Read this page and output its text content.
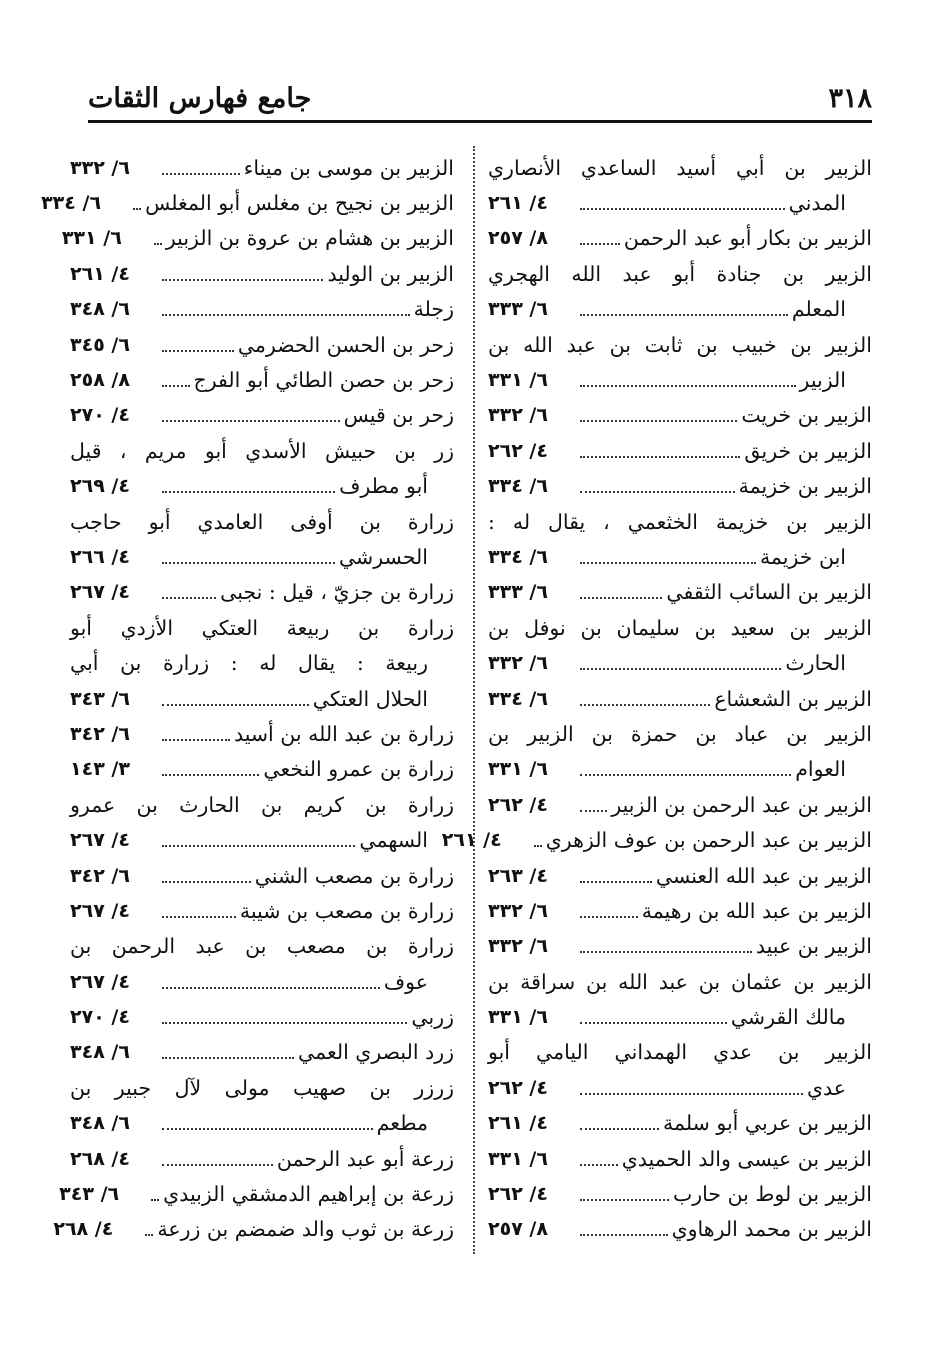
جامع فهارس الثقات	٣١٨
الزبير بن أبي أسيد الساعدي الأنصاري
المدني
٤/ ٢٦١
الزبير بن بكار أبو عبد الرحمن
٨/ ٢٥٧
الزبير بن جنادة أبو عبد الله الهجري
المعلم
٦/ ٣٣٣
الزبير بن خبيب بن ثابت بن عبد الله بن
الزبير
٦/ ٣٣١
الزبير بن خريت
٦/ ٣٣٢
الزبير بن خريق
٤/ ٢٦٢
الزبير بن خزيمة
٦/ ٣٣٤
الزبير بن خزيمة الخثعمي ، يقال له :
ابن خزيمة
٦/ ٣٣٤
الزبير بن السائب الثقفي
٦/ ٣٣٣
الزبير بن سعيد بن سليمان بن نوفل بن
الحارث
٦/ ٣٣٢
الزبير بن الشعشاع
٦/ ٣٣٤
الزبير بن عباد بن حمزة بن الزبير بن
العوام
٦/ ٣٣١
الزبير بن عبد الرحمن بن الزبير
٤/ ٢٦٢
الزبير بن عبد الرحمن بن عوف الزهري
٤/ ٢٦١
الزبير بن عبد الله العنسي
٤/ ٢٦٣
الزبير بن عبد الله بن رهيمة
٦/ ٣٣٢
الزبير بن عبيد
٦/ ٣٣٢
الزبير بن عثمان بن عبد الله بن سراقة بن
مالك القرشي
٦/ ٣٣١
الزبير بن عدي الهمداني اليامي أبو
عدي
٤/ ٢٦٢
الزبير بن عربي أبو سلمة
٤/ ٢٦١
الزبير بن عيسى والد الحميدي
٦/ ٣٣١
الزبير بن لوط بن حارب
٤/ ٢٦٢
الزبير بن محمد الرهاوي
٨/ ٢٥٧
الزبير بن موسى بن ميناء
٦/ ٣٣٢
الزبير بن نجيح بن مغلس أبو المغلس
٦/ ٣٣٤
الزبير بن هشام بن عروة بن الزبير
٦/ ٣٣١
الزبير بن الوليد
٤/ ٢٦١
زجلة
٦/ ٣٤٨
زحر بن الحسن الحضرمي
٦/ ٣٤٥
زحر بن حصن الطائي أبو الفرج
٨/ ٢٥٨
زحر بن قيس
٤/ ٢٧٠
زر بن حبيش الأسدي أبو مريم ، قيل
أبو مطرف
٤/ ٢٦٩
زرارة بن أوفى العامدي أبو حاجب
الحسرشي
٤/ ٢٦٦
زرارة بن جزيّ ، قيل : نجبى
٤/ ٢٦٧
زرارة بن ربيعة العتكي الأزدي أبو
ربيعة : يقال له : زرارة بن أبي
الحلال العتكي
٦/ ٣٤٣
زرارة بن عبد الله بن أسيد
٦/ ٣٤٢
زرارة بن عمرو النخعي
٣/ ١٤٣
زرارة بن كريم بن الحارث بن عمرو
السهمي
٤/ ٢٦٧
زرارة بن مصعب الشني
٦/ ٣٤٢
زرارة بن مصعب بن شيبة
٤/ ٢٦٧
زرارة بن مصعب بن عبد الرحمن بن
عوف
٤/ ٢٦٧
زربي
٤/ ٢٧٠
زرد البصري العمي
٦/ ٣٤٨
زرزر بن صهيب مولى لآل جبير بن
مطعم
٦/ ٣٤٨
زرعة أبو عبد الرحمن
٤/ ٢٦٨
زرعة بن إبراهيم الدمشقي الزبيدي
٦/ ٣٤٣
زرعة بن ثوب والد ضمضم بن زرعة
٤/ ٢٦٨
